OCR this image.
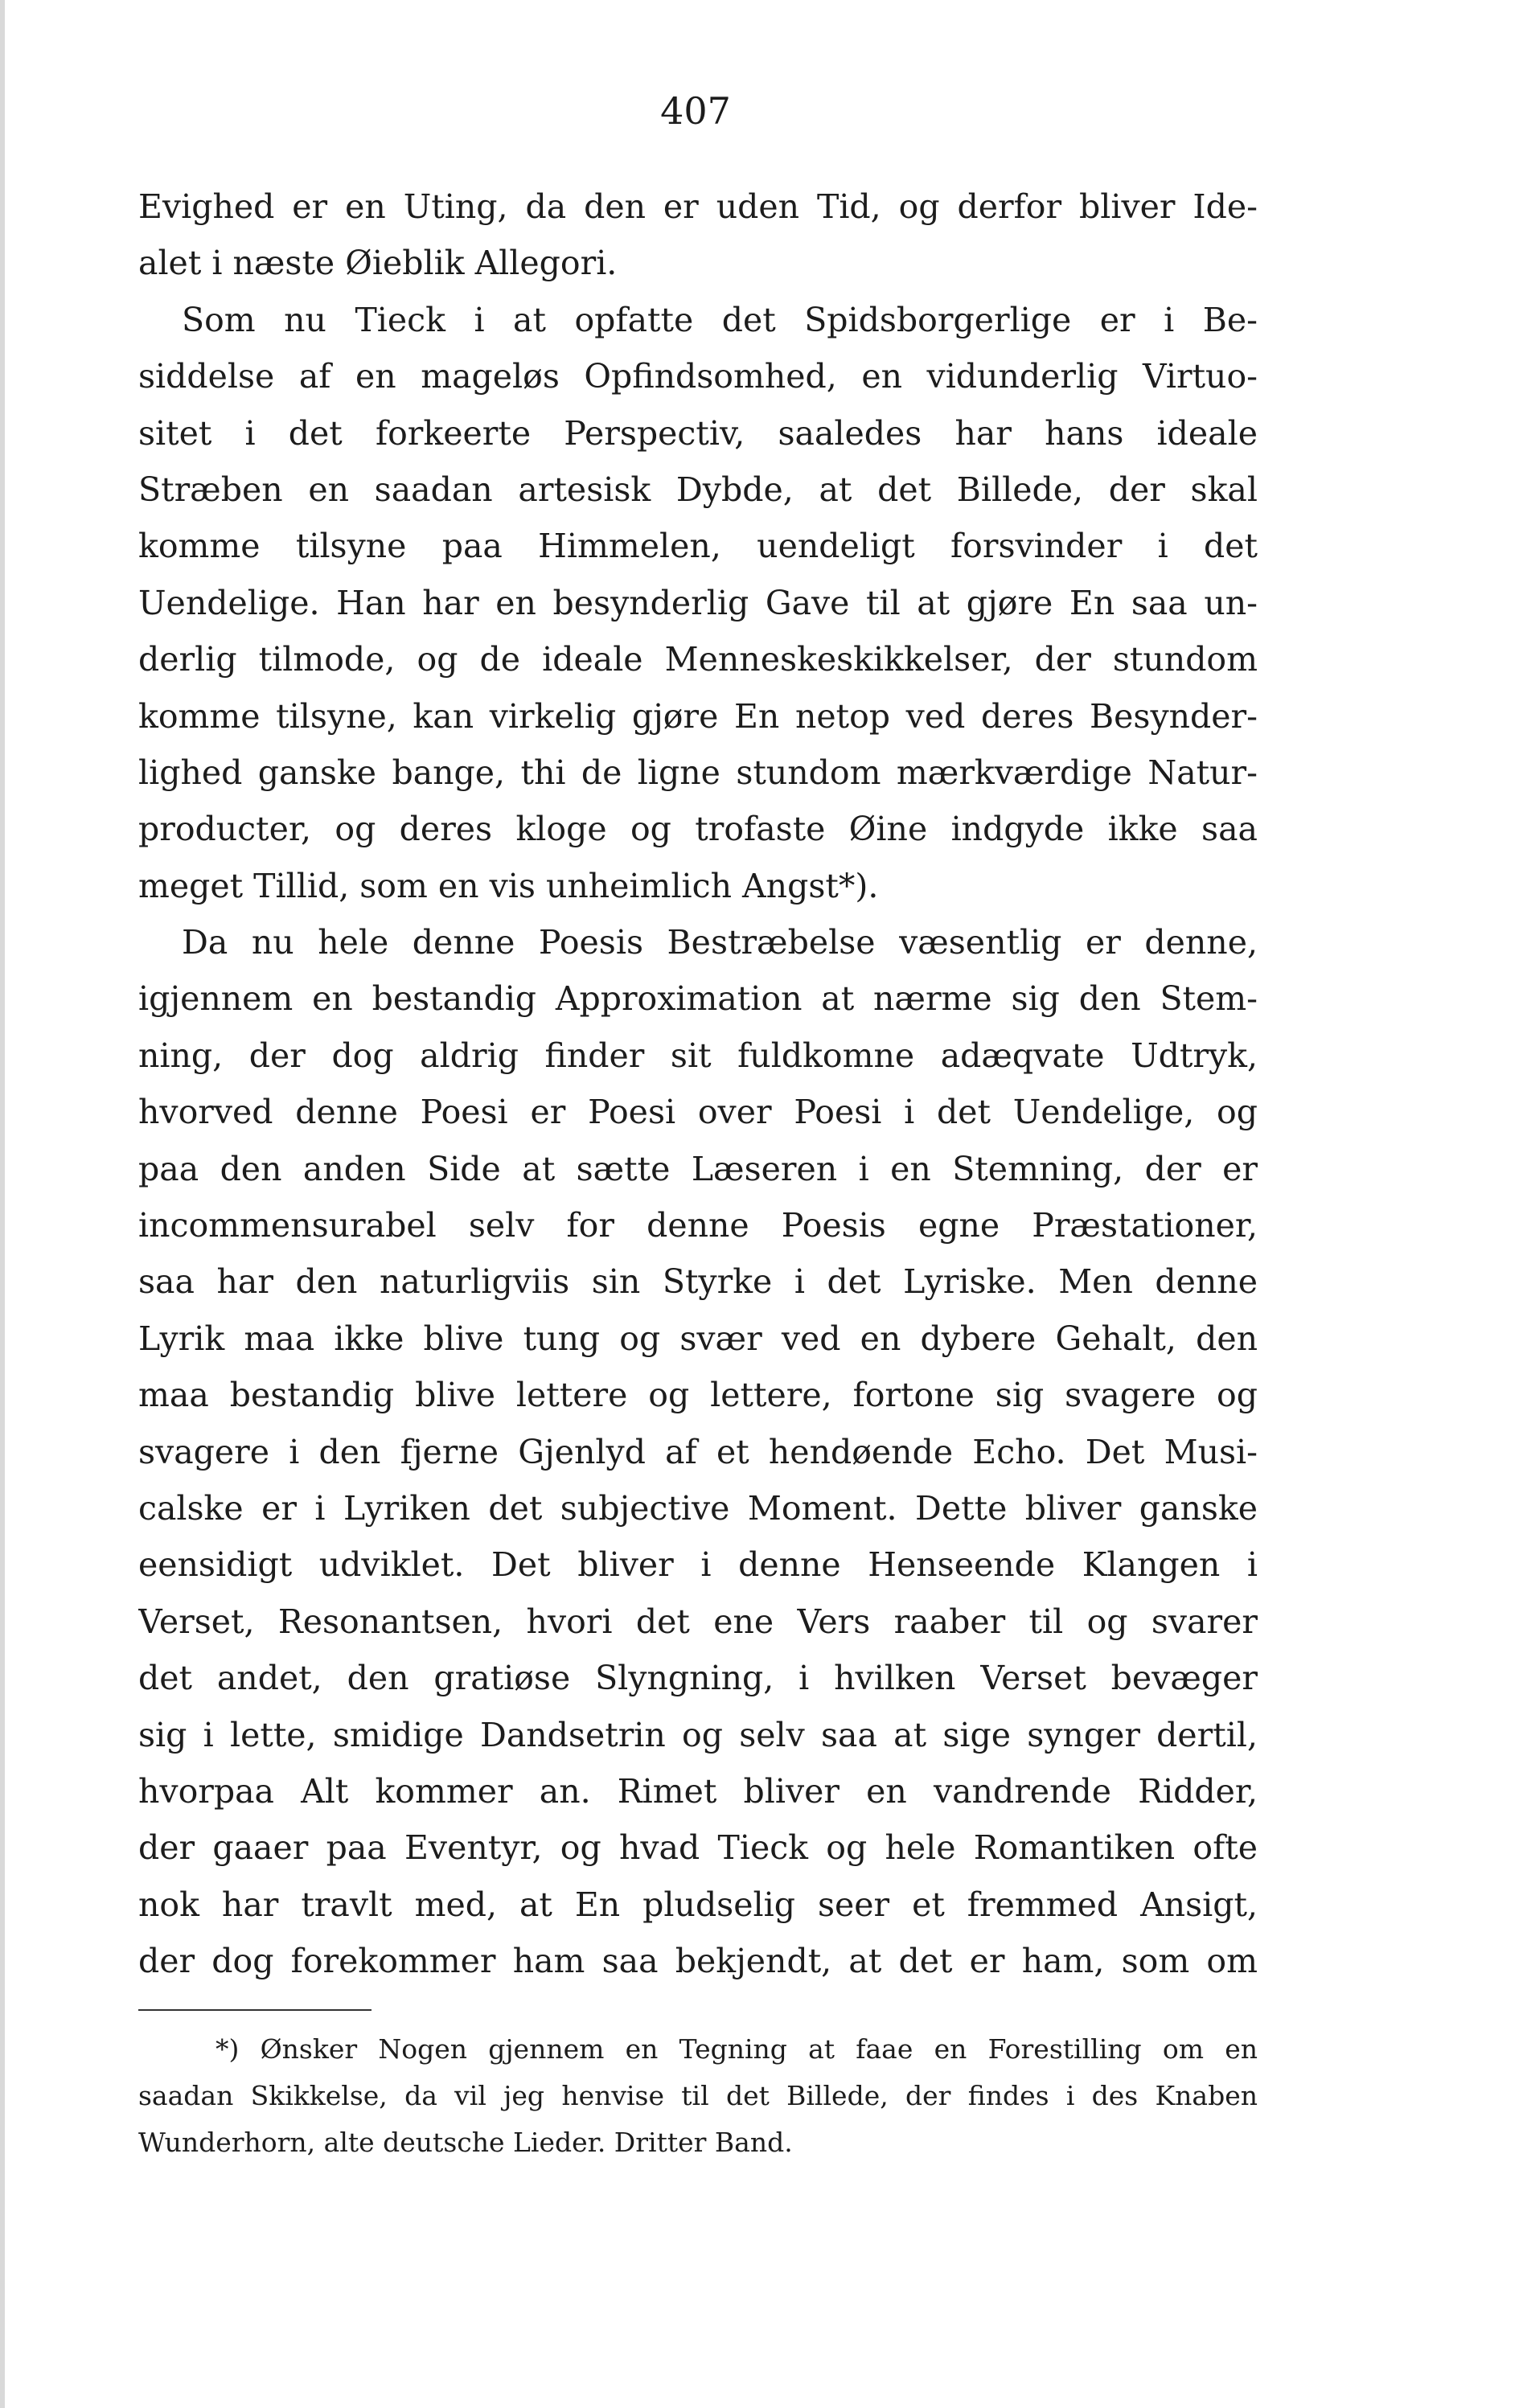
407
Evighed er en Uting, da den er uden Tid, og derfor bliver Ide-
alet i næste Øieblik Allegori.
Som nu Tieck i at opfatte det Spidsborgerlige er i Be-
siddelse af en mageløs Opfindsomhed, en vidunderlig Virtuo-
sitet i det forkeerte Perspectiv, saaledes har hans ideale
Stræben en saadan artesisk Dybde, at det Billede, der skal
komme tilsyne paa Himmelen, uendeligt forsvinder i det
Uendelige. Han har en besynderlig Gave til at gjøre En saa un-
derlig tilmode, og de ideale Menneskeskikkelser, der stundom
komme tilsyne, kan virkelig gjøre En netop ved deres Besynder-
lighed ganske bange, thi de ligne stundom mærkværdige Natur-
producter, og deres kloge og trofaste Øine indgyde ikke saa
meget Tillid, som en vis unheimlich Angst*).
Da nu hele denne Poesis Bestræbelse væsentlig er denne,
igjennem en bestandig Approximation at nærme sig den Stem-
ning, der dog aldrig finder sit fuldkomne adæqvate Udtryk,
hvorved denne Poesi er Poesi over Poesi i det Uendelige, og
paa den anden Side at sætte Læseren i en Stemning, der er
incommensurabel selv for denne Poesis egne Præstationer,
saa har den naturligviis sin Styrke i det Lyriske. Men denne
Lyrik maa ikke blive tung og svær ved en dybere Gehalt, den
maa bestandig blive lettere og lettere, fortone sig svagere og
svagere i den fjerne Gjenlyd af et hendøende Echo. Det Musi-
calske er i Lyriken det subjective Moment. Dette bliver ganske
eensidigt udviklet. Det bliver i denne Henseende Klangen i
Verset, Resonantsen, hvori det ene Vers raaber til og svarer
det andet, den gratiøse Slyngning, i hvilken Verset bevæger
sig i lette, smidige Dandsetrin og selv saa at sige synger dertil,
hvorpaa Alt kommer an. Rimet bliver en vandrende Ridder,
der gaaer paa Eventyr, og hvad Tieck og hele Romantiken ofte
nok har travlt med, at En pludselig seer et fremmed Ansigt,
der dog forekommer ham saa bekjendt, at det er ham, som om
*) Ønsker Nogen gjennem en Tegning at faae en Forestilling om en
saadan Skikkelse, da vil jeg henvise til det Billede, der findes i des Knaben
Wunderhorn, alte deutsche Lieder. Dritter Band.
